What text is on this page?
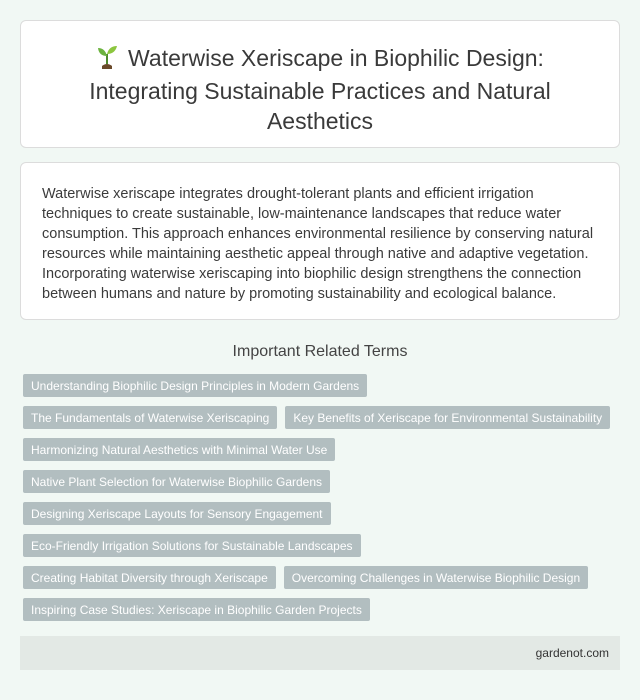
Waterwise Xeriscape in Biophilic Design: Integrating Sustainable Practices and Natural Aesthetics

Waterwise xeriscape integrates drought-tolerant plants and efficient irrigation techniques to create sustainable, low-maintenance landscapes that reduce water consumption. This approach enhances environmental resilience by conserving natural resources while maintaining aesthetic appeal through native and adaptive vegetation. Incorporating waterwise xeriscaping into biophilic design strengthens the connection between humans and nature by promoting sustainability and ecological balance.

Important Related Terms
Understanding Biophilic Design Principles in Modern Gardens
The Fundamentals of Waterwise Xeriscaping	Key Benefits of Xeriscape for Environmental Sustainability
Harmonizing Natural Aesthetics with Minimal Water Use
Native Plant Selection for Waterwise Biophilic Gardens
Designing Xeriscape Layouts for Sensory Engagement
Eco-Friendly Irrigation Solutions for Sustainable Landscapes
Creating Habitat Diversity through Xeriscape	Overcoming Challenges in Waterwise Biophilic Design
Inspiring Case Studies: Xeriscape in Biophilic Garden Projects
gardenot.com
